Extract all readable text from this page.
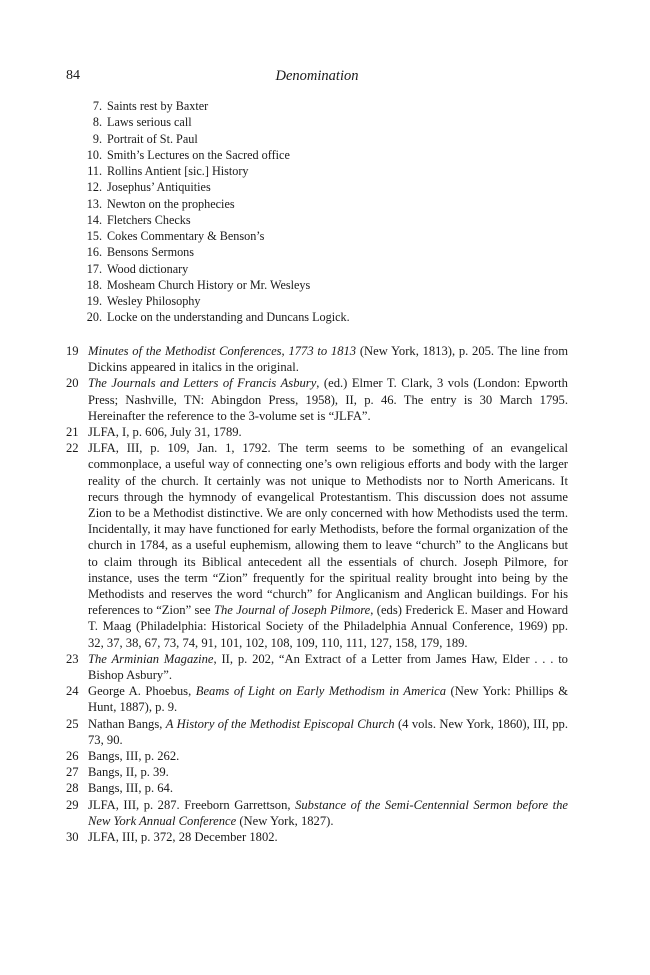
84	Denomination
7. Saints rest by Baxter
8. Laws serious call
9. Portrait of St. Paul
10. Smith’s Lectures on the Sacred office
11. Rollins Antient [sic.] History
12. Josephus’ Antiquities
13. Newton on the prophecies
14. Fletchers Checks
15. Cokes Commentary & Benson’s
16. Bensons Sermons
17. Wood dictionary
18. Mosheam Church History or Mr. Wesleys
19. Wesley Philosophy
20. Locke on the understanding and Duncans Logick.
19 Minutes of the Methodist Conferences, 1773 to 1813 (New York, 1813), p. 205. The line from Dickins appeared in italics in the original.
20 The Journals and Letters of Francis Asbury, (ed.) Elmer T. Clark, 3 vols (London: Epworth Press; Nashville, TN: Abingdon Press, 1958), II, p. 46. The entry is 30 March 1795. Hereinafter the reference to the 3-volume set is “JLFA”.
21 JLFA, I, p. 606, July 31, 1789.
22 JLFA, III, p. 109, Jan. 1, 1792. The term seems to be something of an evangelical commonplace, a useful way of connecting one’s own religious efforts and body with the larger reality of the church. It certainly was not unique to Methodists nor to North Americans. It recurs through the hymnody of evangelical Protestantism. This discussion does not assume Zion to be a Methodist distinctive. We are only concerned with how Methodists used the term. Incidentally, it may have functioned for early Methodists, before the formal organization of the church in 1784, as a useful euphemism, allowing them to leave “church” to the Anglicans but to claim through its Biblical antecedent all the essentials of church. Joseph Pilmore, for instance, uses the term “Zion” frequently for the spiritual reality brought into being by the Methodists and reserves the word “church” for Anglicanism and Anglican buildings. For his references to “Zion” see The Journal of Joseph Pilmore, (eds) Frederick E. Maser and Howard T. Maag (Philadelphia: Historical Society of the Philadelphia Annual Conference, 1969) pp. 32, 37, 38, 67, 73, 74, 91, 101, 102, 108, 109, 110, 111, 127, 158, 179, 189.
23 The Arminian Magazine, II, p. 202, “An Extract of a Letter from James Haw, Elder . . . to Bishop Asbury”.
24 George A. Phoebus, Beams of Light on Early Methodism in America (New York: Phillips & Hunt, 1887), p. 9.
25 Nathan Bangs, A History of the Methodist Episcopal Church (4 vols. New York, 1860), III, pp. 73, 90.
26 Bangs, III, p. 262.
27 Bangs, II, p. 39.
28 Bangs, III, p. 64.
29 JLFA, III, p. 287. Freeborn Garrettson, Substance of the Semi-Centennial Sermon before the New York Annual Conference (New York, 1827).
30 JLFA, III, p. 372, 28 December 1802.
